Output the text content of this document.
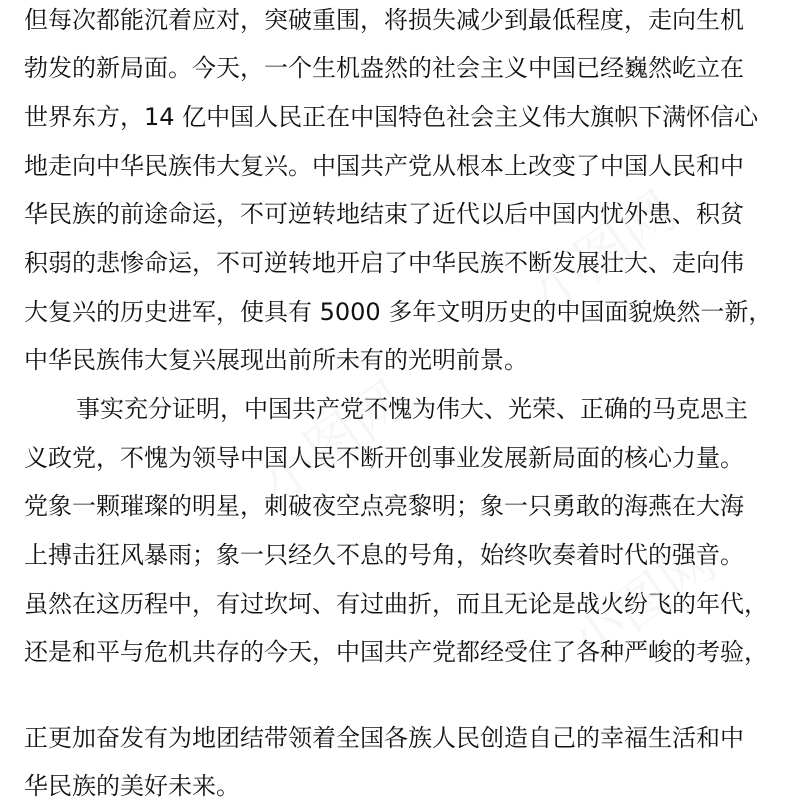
小图网
小图网
小图网

但每次都能沉着应对，突破重围，将损失减少到最低程度，走向生机

勃发的新局面。今天，一个生机盎然的社会主义中国已经巍然屹立在

世界东方，14 亿中国人民正在中国特色社会主义伟大旗帜下满怀信心

地走向中华民族伟大复兴。中国共产党从根本上改变了中国人民和中

华民族的前途命运，不可逆转地结束了近代以后中国内忧外患、积贫

积弱的悲惨命运，不可逆转地开启了中华民族不断发展壮大、走向伟

大复兴的历史进军，使具有 5000 多年文明历史的中国面貌焕然一新，

中华民族伟大复兴展现出前所未有的光明前景。

事实充分证明，中国共产党不愧为伟大、光荣、正确的马克思主

义政党，不愧为领导中国人民不断开创事业发展新局面的核心力量。

党象一颗璀璨的明星，刺破夜空点亮黎明；象一只勇敢的海燕在大海

上搏击狂风暴雨；象一只经久不息的号角，始终吹奏着时代的强音。

虽然在这历程中，有过坎坷、有过曲折，而且无论是战火纷飞的年代，

还是和平与危机共存的今天，中国共产党都经受住了各种严峻的考验，

正更加奋发有为地团结带领着全国各族人民创造自己的幸福生活和中

华民族的美好未来。
